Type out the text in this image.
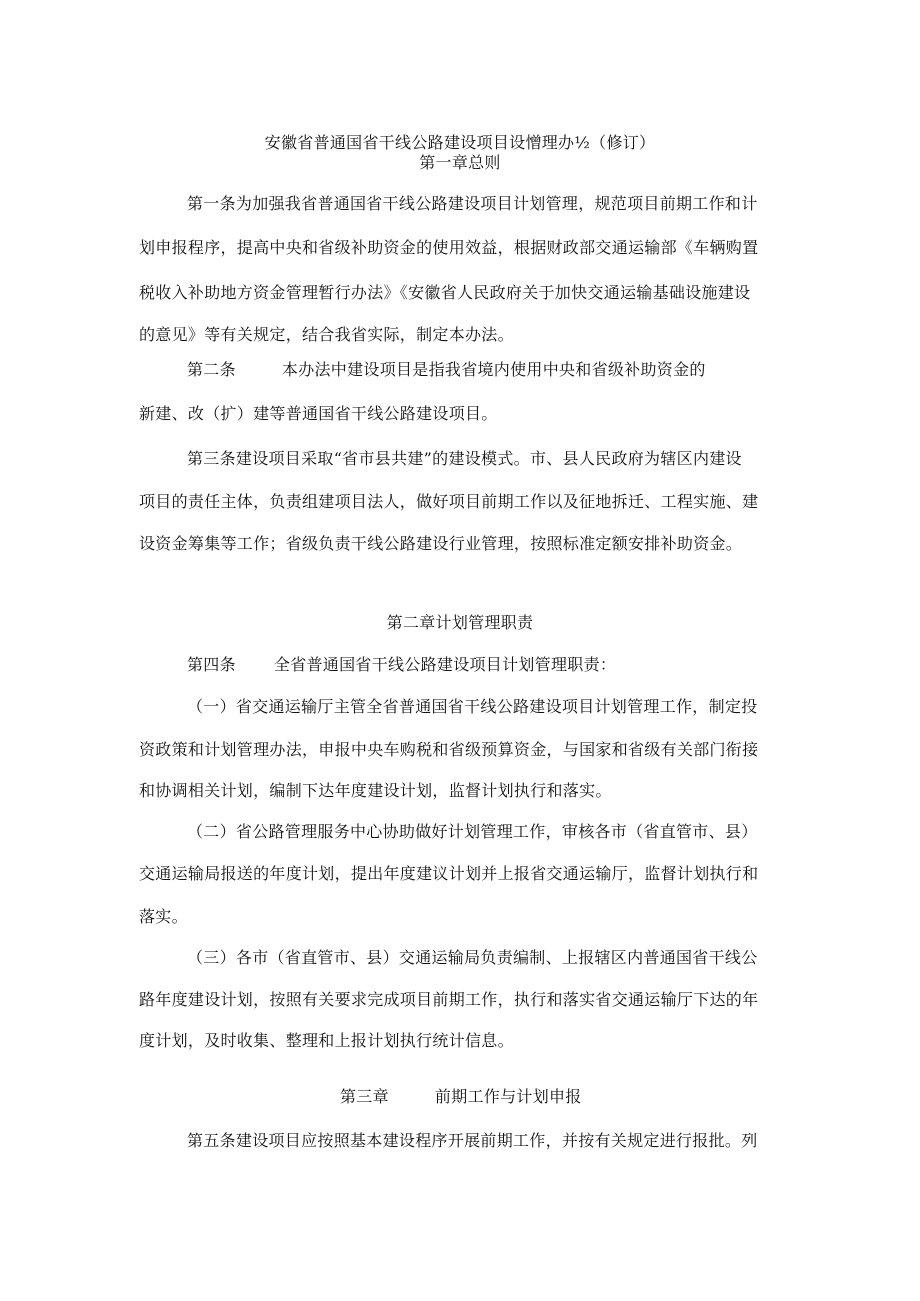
安徽省普通国省干线公路建设项目设憎理办½（修订）
第一章总则
第一条为加强我省普通国省干线公路建设项目计划管理，规范项目前期工作和计
划申报程序，提高中央和省级补助资金的使用效益，根据财政部交通运输部《车辆购置
税收入补助地方资金管理暂行办法》《安徽省人民政府关于加快交通运输基础设施建设
的意见》等有关规定，结合我省实际，制定本办法。
第二条	本办法中建设项目是指我省境内使用中央和省级补助资金的
新建、改（扩）建等普通国省干线公路建设项目。
第三条建设项目采取“省市县共建”的建设模式。市、县人民政府为辖区内建设
项目的责任主体，负责组建项目法人，做好项目前期工作以及征地拆迁、工程实施、建
设资金筹集等工作；省级负责干线公路建设行业管理，按照标准定额安排补助资金。
第二章计划管理职责
第四条 全省普通国省干线公路建设项目计划管理职责：
（一）省交通运输厅主管全省普通国省干线公路建设项目计划管理工作，制定投
资政策和计划管理办法，申报中央车购税和省级预算资金，与国家和省级有关部门衔接
和协调相关计划，编制下达年度建设计划，监督计划执行和落实。
（二）省公路管理服务中心协助做好计划管理工作，审核各市（省直管市、县）
交通运输局报送的年度计划，提出年度建议计划并上报省交通运输厅，监督计划执行和
落实。
（三）各市（省直管市、县）交通运输局负责编制、上报辖区内普通国省干线公
路年度建设计划，按照有关要求完成项目前期工作，执行和落实省交通运输厅下达的年
度计划，及时收集、整理和上报计划执行统计信息。
第三章	前期工作与计划申报
第五条建设项目应按照基本建设程序开展前期工作，并按有关规定进行报批。列
